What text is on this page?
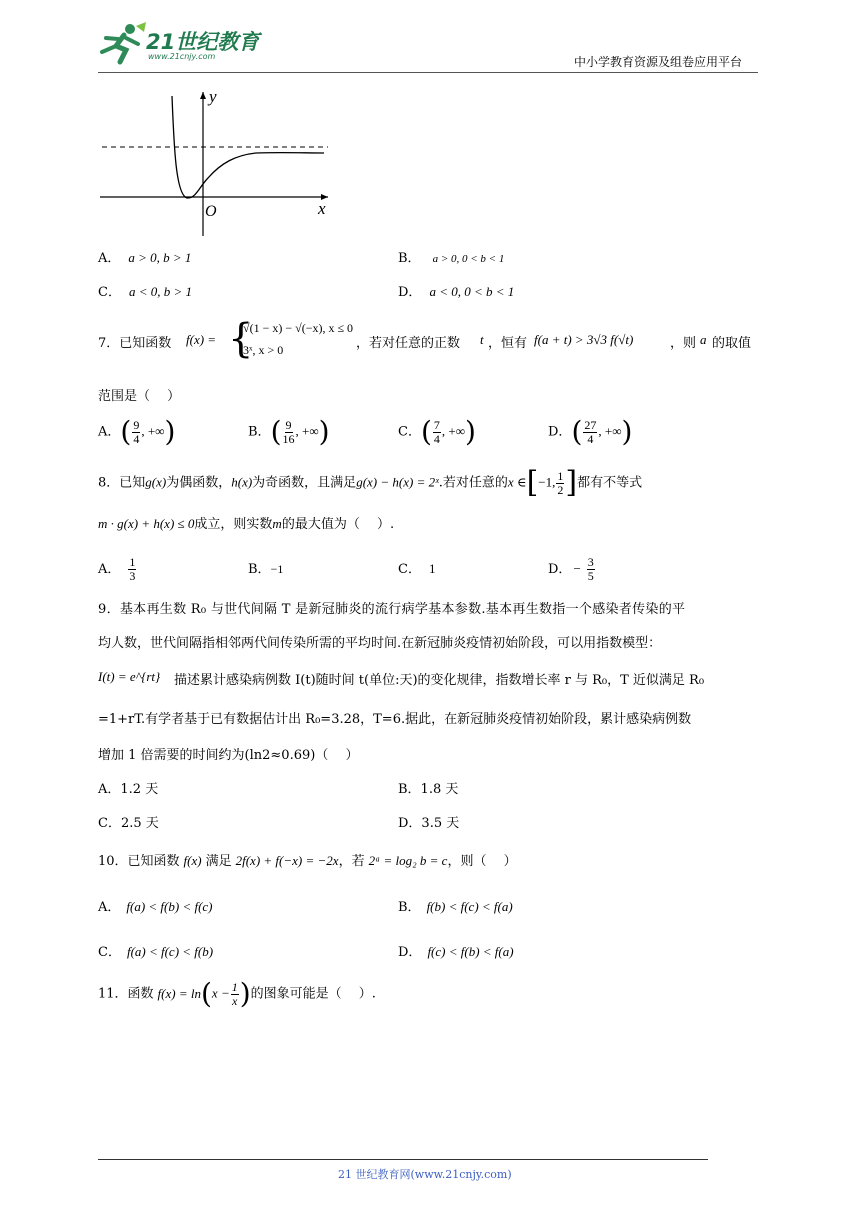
21世纪教育
www.21cnjy.com	中小学教育资源及组卷应用平台
y
x
O
A． a > 0, b > 1	B． a > 0, 0 < b < 1
C． a < 0, b > 1	D． a < 0, 0 < b < 1
7．已知函数 f(x) = {
√(1 − x) − √(−x), x ≤ 0
3ˣ, x > 0	，若对任意的正数 t ，恒有 f(a + t) > 3√3 f(√t)	，则 a 的取值
范围是（　 ）
A．( $\frac{9}{4}$ , +∞)	B．( $\frac{9}{16}$ , +∞)	C．( $\frac{7}{4}$ , +∞)	D．( $\frac{27}{4}$ , +∞)
8．已知g(x)为偶函数，h(x)为奇函数，且满足g(x) − h(x) = 2ˣ.若对任意的x ∈[−1, $\frac{1}{2}$ ]都有不等式
m · g(x) + h(x) ≤ 0成立，则实数m的最大值为（　 ）.
A． $\frac{1}{3}$	B．−1	C． 1	D． − $\frac{3}{5}$
9．基本再生数 R₀ 与世代间隔 T 是新冠肺炎的流行病学基本参数.基本再生数指一个感染者传染的平
均人数，世代间隔指相邻两代间传染所需的平均时间.在新冠肺炎疫情初始阶段，可以用指数模型：
I(t) = e^{rt} 描述累计感染病例数 I(t)随时间 t(单位:天)的变化规律，指数增长率 r 与 R₀，T 近似满足 R₀
=1+rT.有学者基于已有数据估计出 R₀=3.28，T=6.据此，在新冠肺炎疫情初始阶段，累计感染病例数
增加 1 倍需要的时间约为(ln2≈0.69)（　 ）
A．1.2 天	B．1.8 天
C．2.5 天	D．3.5 天
10．已知函数 f(x) 满足 2f(x) + f(−x) = −2x，若 2ᵃ = log₂ b = c，则（　 ）
A． f(a) < f(b) < f(c)	B． f(b) < f(c) < f(a)
C． f(a) < f(c) < f(b)	D． f(c) < f(b) < f(a)
11．函数 $f(x) = \ln(x - \frac{1}{x}$ )的图象可能是（　 ）.
21 世纪教育网(www.21cnjy.com)
